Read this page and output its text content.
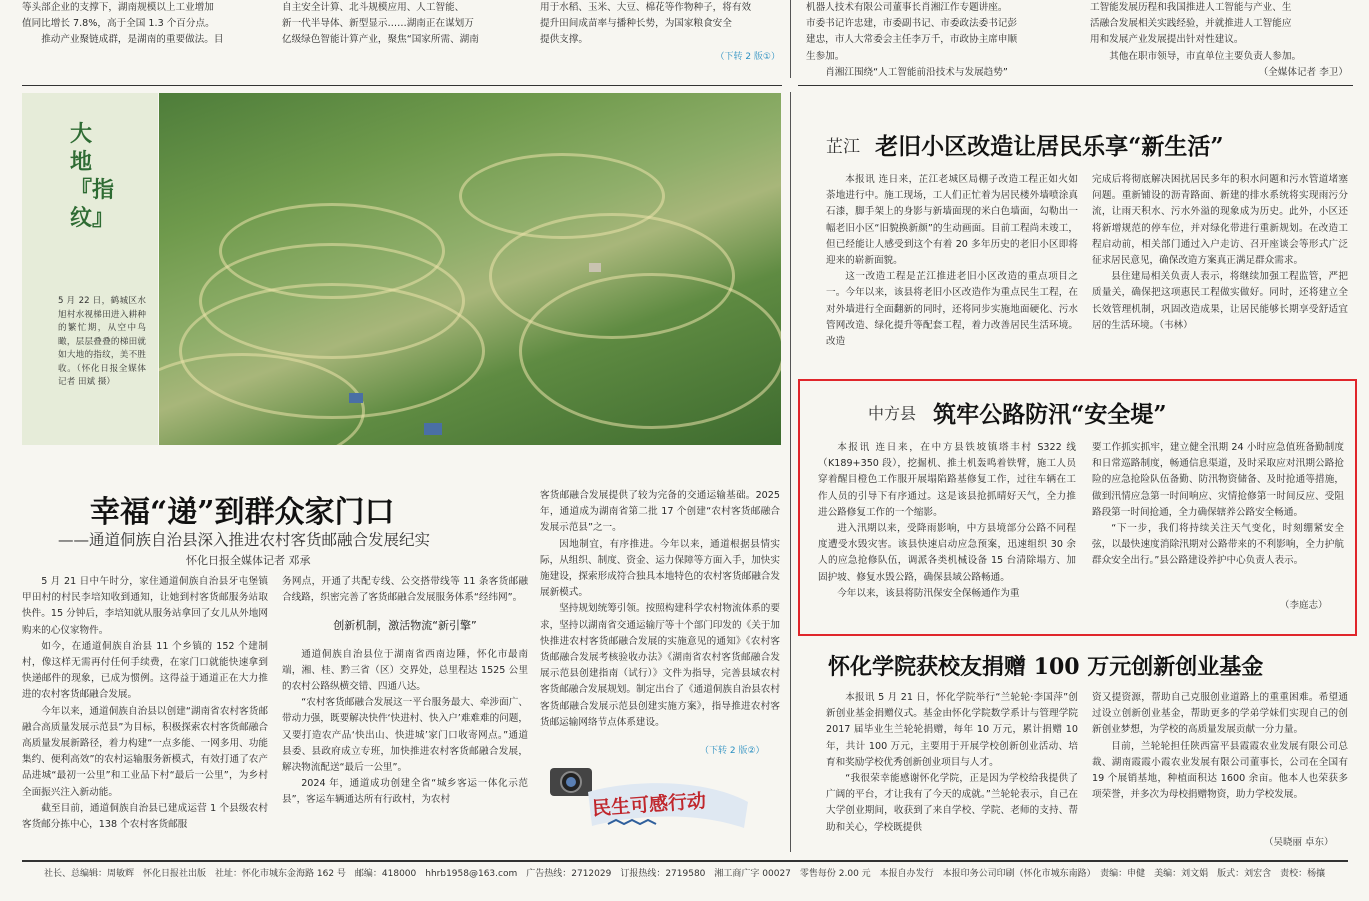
等头部企业的支撑下，湖南规模以上工业增加

值同比增长 7.8%，高于全国 1.3 个百分点。

推动产业聚链成群，是湖南的重要做法。目

自主安全计算、北斗规模应用、人工智能、

新一代半导体、新型显示……湖南正在谋划万

亿级绿色智能计算产业，聚焦“国家所需、湖南

用于水稻、玉米、大豆、棉花等作物种子，将有效

提升田间成苗率与播种长势，为国家粮食安全

提供支撑。

（下转 2 版①）

机器人技术有限公司董事长肖湘江作专题讲座。

市委书记许忠建，市委副书记、市委政法委书记彭

建忠，市人大常委会主任李万千，市政协主席申顺

生参加。

肖湘江围绕“人工智能前沿技术与发展趋势”

工智能发展历程和我国推进人工智能与产业、生

活融合发展相关实践经验，并就推进人工智能应

用和发展产业发展提出针对性建议。

其他在职市领导，市直单位主要负责人参加。

（全媒体记者 李卫）

大地『指纹』
5 月 22 日，鹤城区水旭村水视梯田进入耕种的繁忙期，从空中鸟瞰，层层叠叠的梯田就如大地的指纹，美不胜收。（怀化日报全媒体记者 田斌 摄）
芷江 老旧小区改造让居民乐享“新生活”

本报讯 连日来，芷江老城区局棚子改造工程正如火如荼地进行中。施工现场，工人们正忙着为居民楼外墙喷涂真石漆，脚手架上的身影与新墙面现的米白色墙面，勾勒出一幅老旧小区“旧貌换新颜”的生动画面。目前工程尚未竣工，但已经能让人感受到这个有着 20 多年历史的老旧小区即将迎来的崭新面貌。

这一改造工程是芷江推进老旧小区改造的重点项目之一。今年以来，该县将老旧小区改造作为重点民生工程，在对外墙进行全面翻新的同时，还将同步实施地面硬化、污水管网改造、绿化提升等配套工程，着力改善居民生活环境。改造

完成后将彻底解决困扰居民多年的积水问题和污水管道堵塞问题。重新铺设的沥青路面、新建的排水系统将实现雨污分流，让雨天积水、污水外溢的现象成为历史。此外，小区还将新增规范的停车位，并对绿化带进行重新规划。在改造工程启动前，相关部门通过入户走访、召开座谈会等形式广泛征求居民意见，确保改造方案真正满足群众需求。

县住建局相关负责人表示，将继续加强工程监管，严把质量关，确保把这项惠民工程做实做好。同时，还将建立全长效管理机制，巩固改造成果，让居民能够长期享受舒适宜居的生活环境。（韦林）

中方县 筑牢公路防汛“安全堤”

本报讯 连日来，在中方县铁坡镇塔丰村 S322 线（K189+350 段），挖掘机、推土机轰鸣着铁臂，施工人员穿着醒目橙色工作服开展塌陷路基修复工作，过往车辆在工作人员的引导下有序通过。这是该县抢抓晴好天气，全力推进公路修复工作的一个缩影。

进入汛期以来，受降雨影响，中方县境部分公路不同程度遭受水毁灾害。该县快速启动应急预案，迅速组织 30 余人的应急抢修队伍，调派各类机械设备 15 台清除塌方、加固护坡、修复水毁公路，确保县域公路畅通。

今年以来，该县将防汛保安全保畅通作为重

要工作抓实抓牢，建立健全汛期 24 小时应急值班备勤制度和日常巡路制度，畅通信息渠道，及时采取应对汛期公路抢险的应急抢险队伍备勤、防汛物资储备、及时抢通等措施，做到汛情应急第一时间响应、灾情抢修第一时间反应、受阻路段第一时间抢通，全力确保辖养公路安全畅通。

“下一步，我们将持续关注天气变化，时刻绷紧安全弦，以最快速度消除汛期对公路带来的不利影响，全力护航群众安全出行。”县公路建设养护中心负责人表示。

（李庭志）
幸福“递”到群众家门口
——通道侗族自治县深入推进农村客货邮融合发展纪实
怀化日报全媒体记者 邓承

5 月 21 日中午时分，家住通道侗族自治县牙屯堡镇甲田村的村民李培知收到通知，让她到村客货邮服务站取快件。15 分钟后，李培知就从服务站拿回了女儿从外地网购来的心仪家物件。

如今，在通道侗族自治县 11 个乡镇的 152 个建制村，像这样无需再付任何手续费，在家门口就能快速拿到快递邮件的现象，已成为惯例。这得益于通道正在大力推进的农村客货邮融合发展。

今年以来，通道侗族自治县以创建“湖南省农村客货邮融合高质量发展示范县”为目标，积极探索农村客货邮融合高质量发展新路径，着力构建“一点多能、一网多用、功能集约、便利高效”的农村运输服务新模式，有效打通了农产品进城“最初一公里”和工业品下村“最后一公里”，为乡村全面振兴注入新动能。

截至目前，通道侗族自治县已建成运营 1 个县级农村客货邮分拣中心，138 个农村客货邮服

务网点，开通了共配专线、公交搭带线等 11 条客货邮融合线路，织密完善了客货邮融合发展服务体系“经纬网”。

创新机制，激活物流“新引擎”

通道侗族自治县位于湖南省西南边陲，怀化市最南端，湘、桂、黔三省（区）交界处，总里程达 1525 公里的农村公路纵横交错、四通八达。

“农村客货邮融合发展这一平台服务最大、牵涉面广、带动力强，既要解决快件‘快进村、快入户’难难难的问题，又要打造农产品‘快出山、快进城’家门口收寄网点。”通道县委、县政府成立专班，加快推进农村客货邮融合发展，解决物流配送“最后一公里”。

2024 年，通道成功创建全省“城乡客运一体化示范县”，客运车辆通达所有行政村，为农村

客货邮融合发展提供了较为完备的交通运输基础。2025 年，通道成为湖南省第二批 17 个创建“农村客货邮融合发展示范县”之一。

因地制宜，有序推进。今年以来，通道根据县情实际，从组织、制度、资金、运力保障等方面入手，加快实施建设，探索形成符合独具本地特色的农村客货邮融合发展新模式。

坚持规划统筹引领。按照构建科学农村物流体系的要求，坚持以湖南省交通运输厅等十个部门印发的《关于加快推进农村客货邮融合发展的实施意见的通知》《农村客货邮融合发展考核验收办法》《湖南省农村客货邮融合发展示范县创建指南（试行）》文件为指导，完善县域农村客货邮融合发展规划。制定出台了《通道侗族自治县农村客货邮融合发展示范县创建实施方案》，指导推进农村客货邮运输网络节点体系建设。

（下转 2 版②）
民生可感行动
怀化学院获校友捐赠 100 万元创新创业基金

本报讯 5 月 21 日，怀化学院举行“兰轮轮·李国萍”创新创业基金捐赠仪式。基金由怀化学院数学系计与管理学院 2017 届毕业生兰轮轮捐赠，每年 10 万元，累计捐赠 10 年，共计 100 万元，主要用于开展学校创新创业活动、培育和奖励学校优秀创新创业项目与人才。

“我很荣幸能感谢怀化学院，正是因为学校给我提供了广阔的平台，才让我有了今天的成就。”兰轮轮表示，自己在大学创业期间，收获到了来自学校、学院、老师的支持、帮助和关心，学校既提供

资又提资源，帮助自己克服创业道路上的重重困难。希望通过设立创新创业基金，帮助更多的学弟学妹们实现自己的创新创业梦想，为学校的高质量发展贡献一分力量。

目前，兰轮轮担任陕西富平县霞霞农业发展有限公司总裁、湖南霞霞小霞农业发展有限公司董事长，公司在全国有 19 个展销基地，种植面积达 1600 余亩。他本人也荣获多项荣誉，并多次为母校捐赠物资，助力学校发展。

（吴晓丽 卓东）
社长、总编辑：周敏辉　怀化日报社出版　社址：怀化市城东金海路 162 号　邮编：418000　hhrb1958@163.com　广告热线：2712029　订报热线：2719580　湘工商广字 00027　零售每份 2.00 元　本报自办发行　本报印务公司印刷（怀化市城东南路）　责编：申健　美编：刘文娟　版式：刘宏含　责校：杨攘
